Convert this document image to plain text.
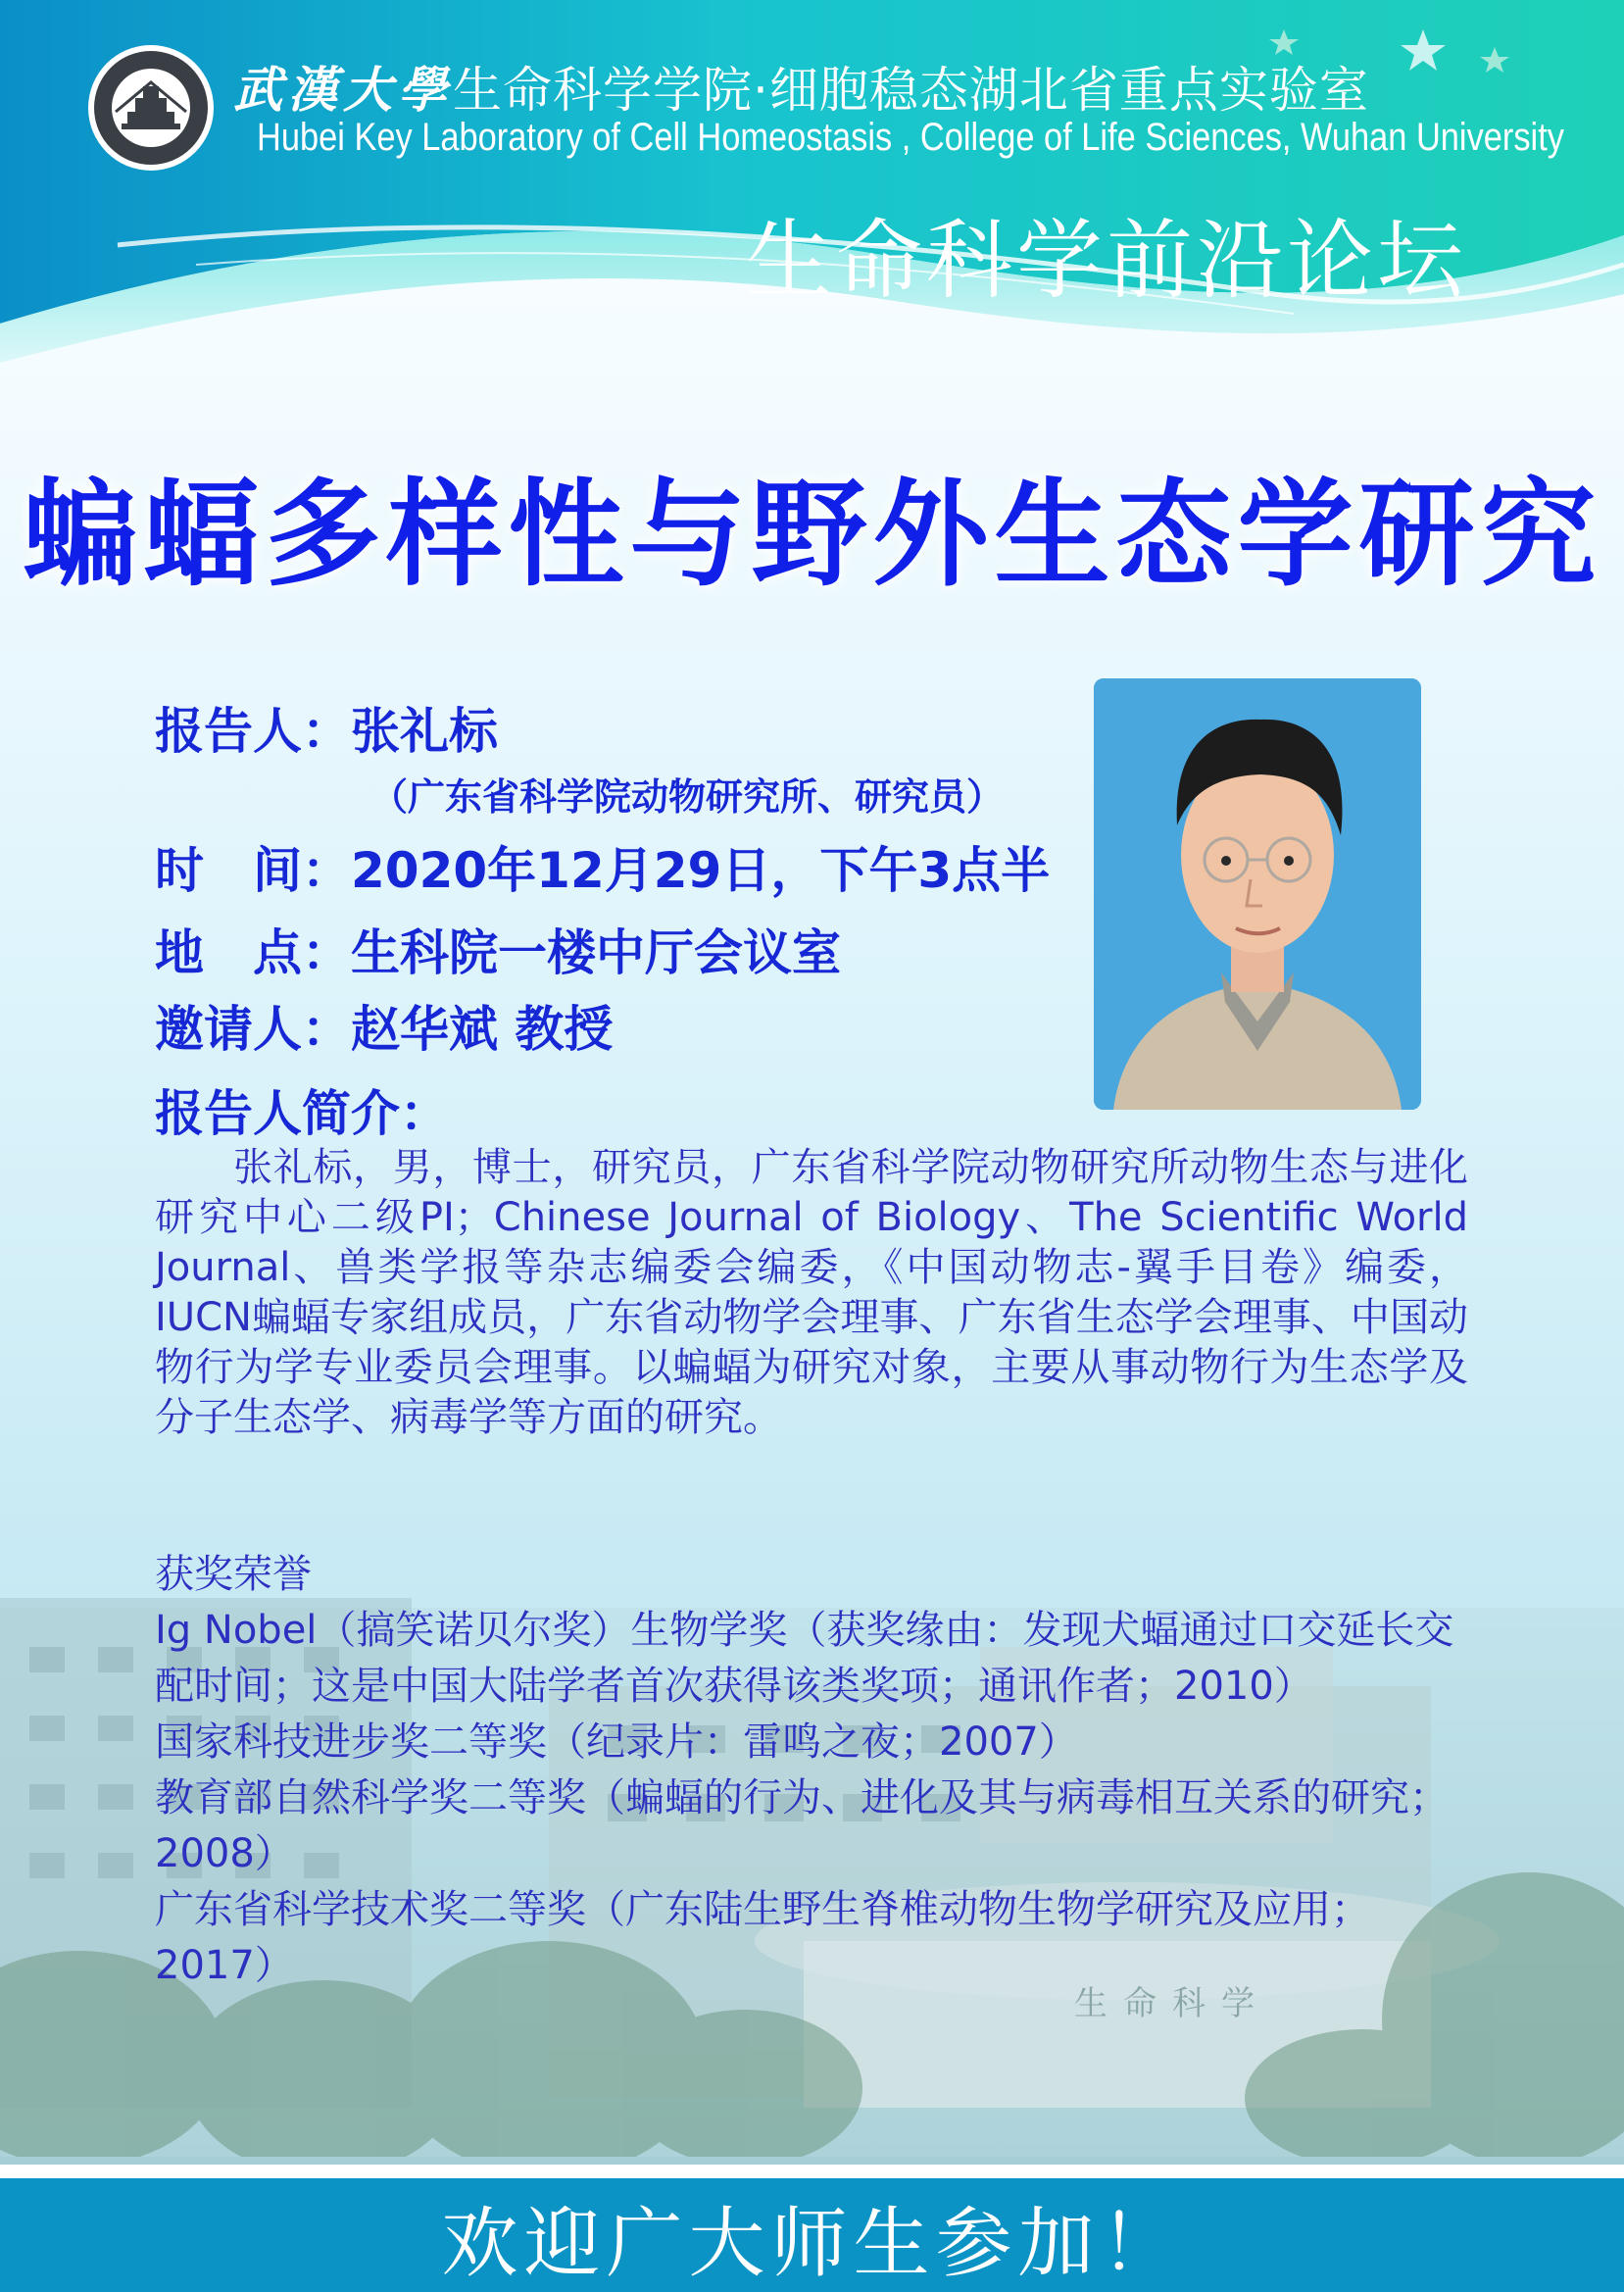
生命科学
武漢大學生命科学学院·细胞稳态湖北省重点实验室
Hubei Key Laboratory of Cell Homeostasis , College of Life Sciences, Wuhan University
生命科学前沿论坛
蝙蝠多样性与野外生态学研究
报告人：张礼标
（广东省科学院动物研究所、研究员）
时　间：2020年12月29日，下午3点半
地　点：生科院一楼中厅会议室
邀请人：赵华斌 教授
报告人简介：

张礼标，男，博士，研究员，广东省科学院动物研究所动物生态与进化研究中心二级PI；Chinese Journal of Biology、The Scientific World Journal、兽类学报等杂志编委会编委，《中国动物志-翼手目卷》编委，IUCN蝙蝠专家组成员，广东省动物学会理事、广东省生态学会理事、中国动物行为学专业委员会理事。以蝙蝠为研究对象，主要从事动物行为生态学及分子生态学、病毒学等方面的研究。

获奖荣誉

Ig Nobel（搞笑诺贝尔奖）生物学奖（获奖缘由：发现犬蝠通过口交延长交配时间；这是中国大陆学者首次获得该类奖项；通讯作者；2010）

国家科技进步奖二等奖（纪录片：雷鸣之夜；2007）

教育部自然科学奖二等奖（蝙蝠的行为、进化及其与病毒相互关系的研究；2008）

广东省科学技术奖二等奖（广东陆生野生脊椎动物生物学研究及应用；2017）

欢迎广大师生参加！
